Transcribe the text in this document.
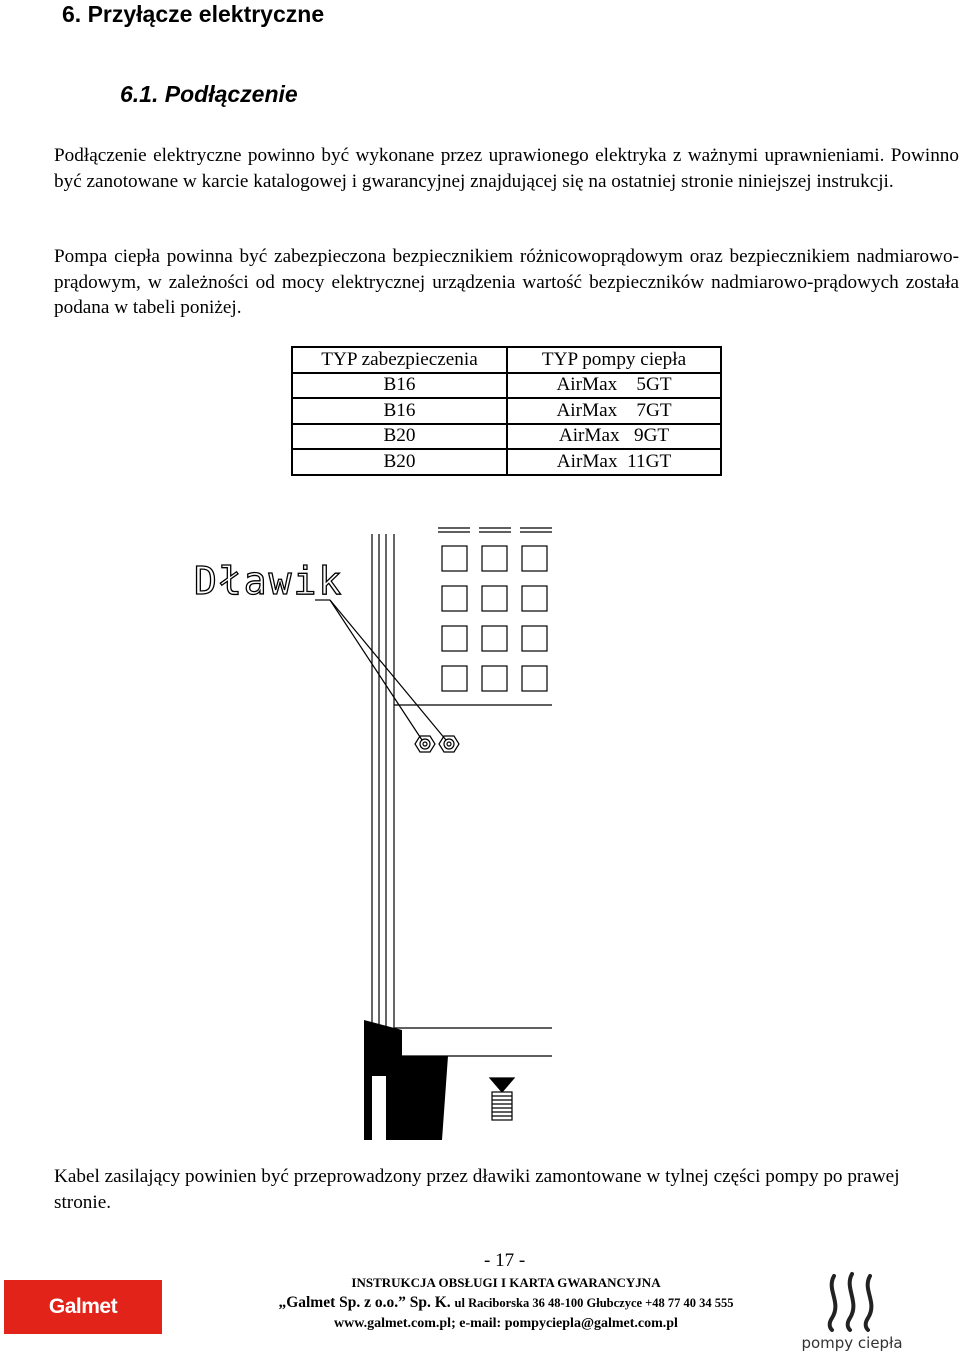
6. Przyłącze elektryczne
6.1. Podłączenie
Podłączenie elektryczne powinno być wykonane przez uprawionego elektryka z ważnymi uprawnieniami. Powinno być zanotowane w karcie katalogowej i gwarancyjnej znajdującej się na ostatniej stronie niniejszej instrukcji.
Pompa ciepła powinna być zabezpieczona bezpiecznikiem różnicowoprądowym oraz bezpiecznikiem nadmiarowo-prądowym, w zależności od mocy elektrycznej urządzenia wartość bezpieczników nadmiarowo-prądowych została podana w tabeli poniżej.
TYP zabezpieczenia	TYP pompy ciepła
B16	AirMax    5GT
B16	AirMax    7GT
B20	AirMax   9GT
B20	AirMax  11GT
Dławik
Kabel zasilający powinien być przeprowadzony przez dławiki zamontowane w tylnej części pompy po prawej stronie.
- 17 -
Galmet
INSTRUKCJA OBSŁUGI I KARTA GWARANCYJNA
„Galmet Sp. z o.o.” Sp. K. ul Raciborska 36 48-100 Głubczyce +48 77 40 34 555
www.galmet.com.pl; e-mail: pompyciepla@galmet.com.pl
pompy ciepła
